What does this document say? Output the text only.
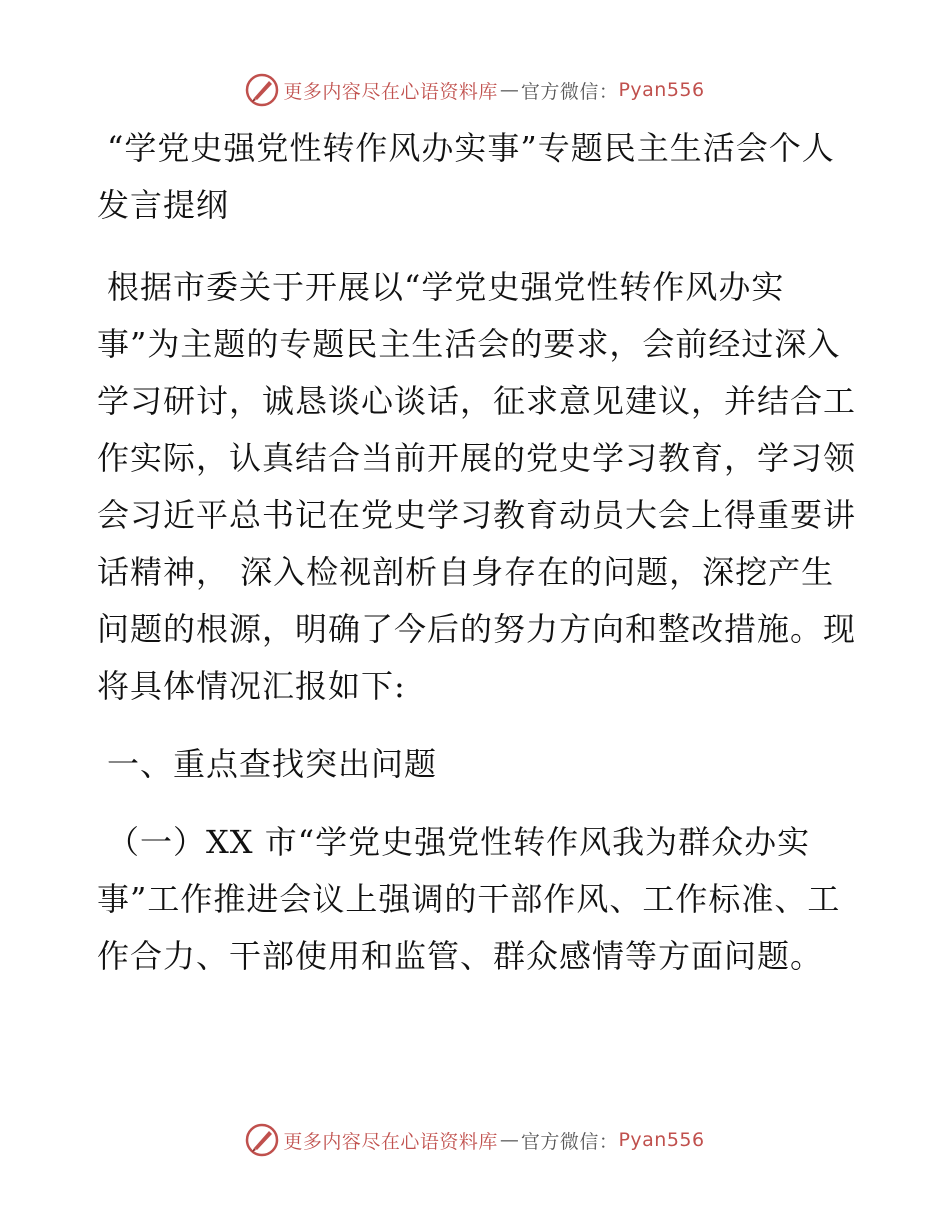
更多内容尽在心语资料库 — 官方微信： Pyan556

“学党史强党性转作风办实事”专题民主生活会个人发言提纲

根据市委关于开展以“学党史强党性转作风办实事”为主题的专题民主生活会的要求，会前经过深入学习研讨，诚恳谈心谈话，征求意见建议，并结合工作实际，认真结合当前开展的党史学习教育，学习领会习近平总书记在党史学习教育动员大会上得重要讲话精神， 深入检视剖析自身存在的问题，深挖产生问题的根源，明确了今后的努力方向和整改措施。现将具体情况汇报如下:

一、重点查找突出问题

（一）XX 市“学党史强党性转作风我为群众办实事”工作推进会议上强调的干部作风、工作标准、工作合力、干部使用和监管、群众感情等方面问题。

更多内容尽在心语资料库 — 官方微信： Pyan556
